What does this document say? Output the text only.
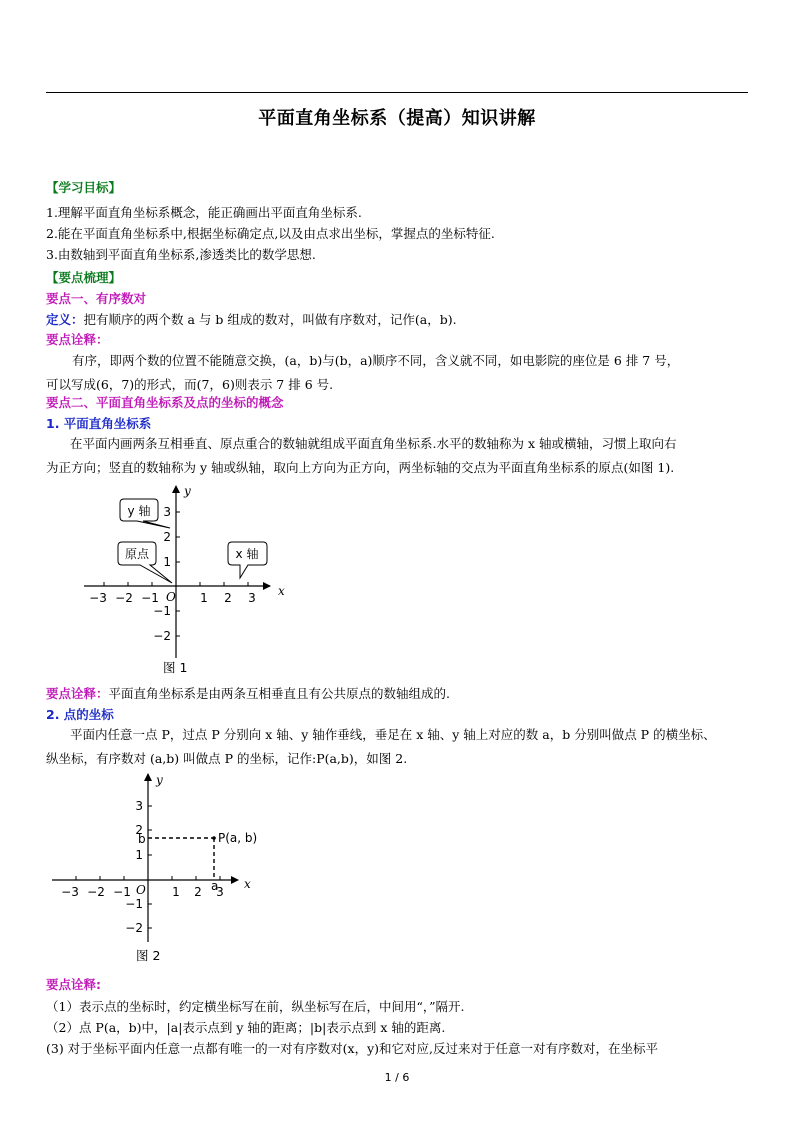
平面直角坐标系（提高）知识讲解
【学习目标】
1.理解平面直角坐标系概念，能正确画出平面直角坐标系.
2.能在平面直角坐标系中,根据坐标确定点,以及由点求出坐标，掌握点的坐标特征.
3.由数轴到平面直角坐标系,渗透类比的数学思想.
【要点梳理】
要点一、有序数对
定义：把有顺序的两个数 a 与 b 组成的数对，叫做有序数对，记作(a，b).
要点诠释：
有序，即两个数的位置不能随意交换，(a，b)与(b，a)顺序不同，含义就不同，如电影院的座位是 6 排 7 号，
可以写成(6，7)的形式，而(7，6)则表示 7 排 6 号.
要点二、平面直角坐标系及点的坐标的概念
1. 平面直角坐标系
在平面内画两条互相垂直、原点重合的数轴就组成平面直角坐标系.水平的数轴称为 x 轴或横轴，习惯上取向右
为正方向；竖直的数轴称为 y 轴或纵轴，取向上方向为正方向，两坐标轴的交点为平面直角坐标系的原点(如图 1).
−3 −2 −1	1 2 3
3
2
1
−1
−2
O	x
y
y 轴
原点	x 轴
图 1
要点诠释：平面直角坐标系是由两条互相垂直且有公共原点的数轴组成的.
2. 点的坐标
平面内任意一点 P，过点 P 分别向 x 轴、y 轴作垂线，垂足在 x 轴、y 轴上对应的数 a，b 分别叫做点 P 的横坐标、
纵坐标，有序数对 (a,b) 叫做点 P 的坐标，记作:P(a,b)，如图 2.
−3 −2 −1	1 2 3
3
2
1
−1
−2
O	x
y
b
a
P(a, b)
图 2
要点诠释:
（1）表示点的坐标时，约定横坐标写在前，纵坐标写在后，中间用“，”隔开.
（2）点 P(a，b)中，|a|表示点到 y 轴的距离；|b|表示点到 x 轴的距离.
(3) 对于坐标平面内任意一点都有唯一的一对有序数对(x，y)和它对应,反过来对于任意一对有序数对，在坐标平
1 / 6
